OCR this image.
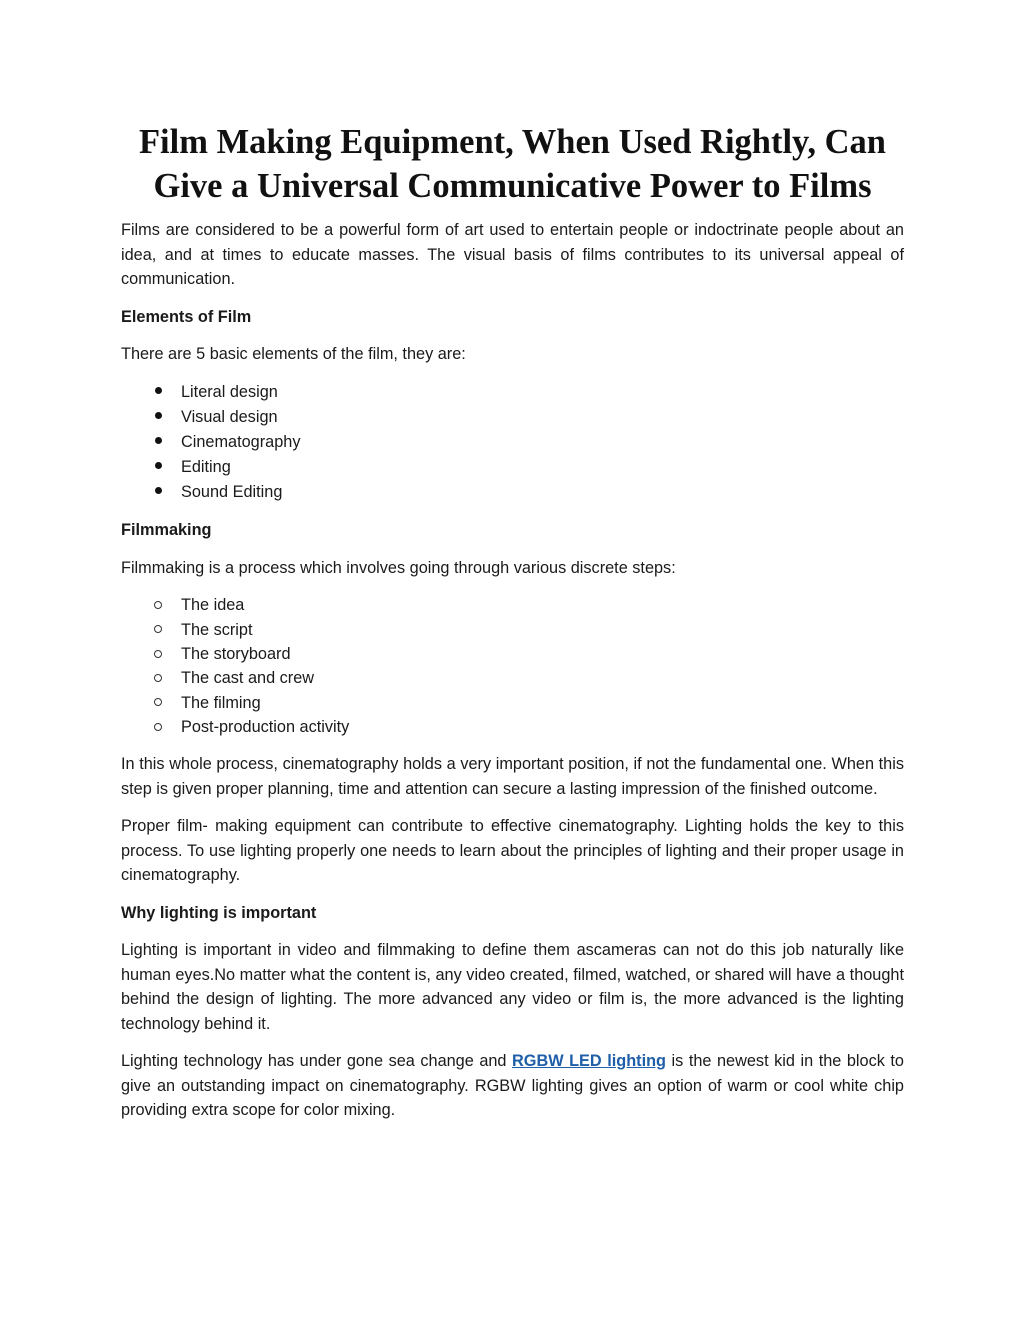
Film Making Equipment, When Used Rightly, Can
Give a Universal Communicative Power to Films

Films are considered to be a powerful form of art used to entertain people or indoctrinate people about an idea, and at times to educate masses. The visual basis of films contributes to its universal appeal of communication.

Elements of Film

There are 5 basic elements of the film, they are:

Literal design
Visual design
Cinematography
Editing
Sound Editing

Filmmaking

Filmmaking is a process which involves going through various discrete steps:

The idea
The script
The storyboard
The cast and crew
The filming
Post-production activity

In this whole process, cinematography holds a very important position, if not the fundamental one. When this step is given proper planning, time and attention can secure a lasting impression of the finished outcome.

Proper film- making equipment can contribute to effective cinematography. Lighting holds the key to this process. To use lighting properly one needs to learn about the principles of lighting and their proper usage in cinematography.

Why lighting is important

Lighting is important in video and filmmaking to define them ascameras can not do this job naturally like human eyes.No matter what the content is, any video created, filmed, watched, or shared will have a thought behind the design of lighting. The more advanced any video or film is, the more advanced is the lighting technology behind it.

Lighting technology has under gone sea change and RGBW LED lighting is the newest kid in the block to give an outstanding impact on cinematography. RGBW lighting gives an option of warm or cool white chip providing extra scope for color mixing.
